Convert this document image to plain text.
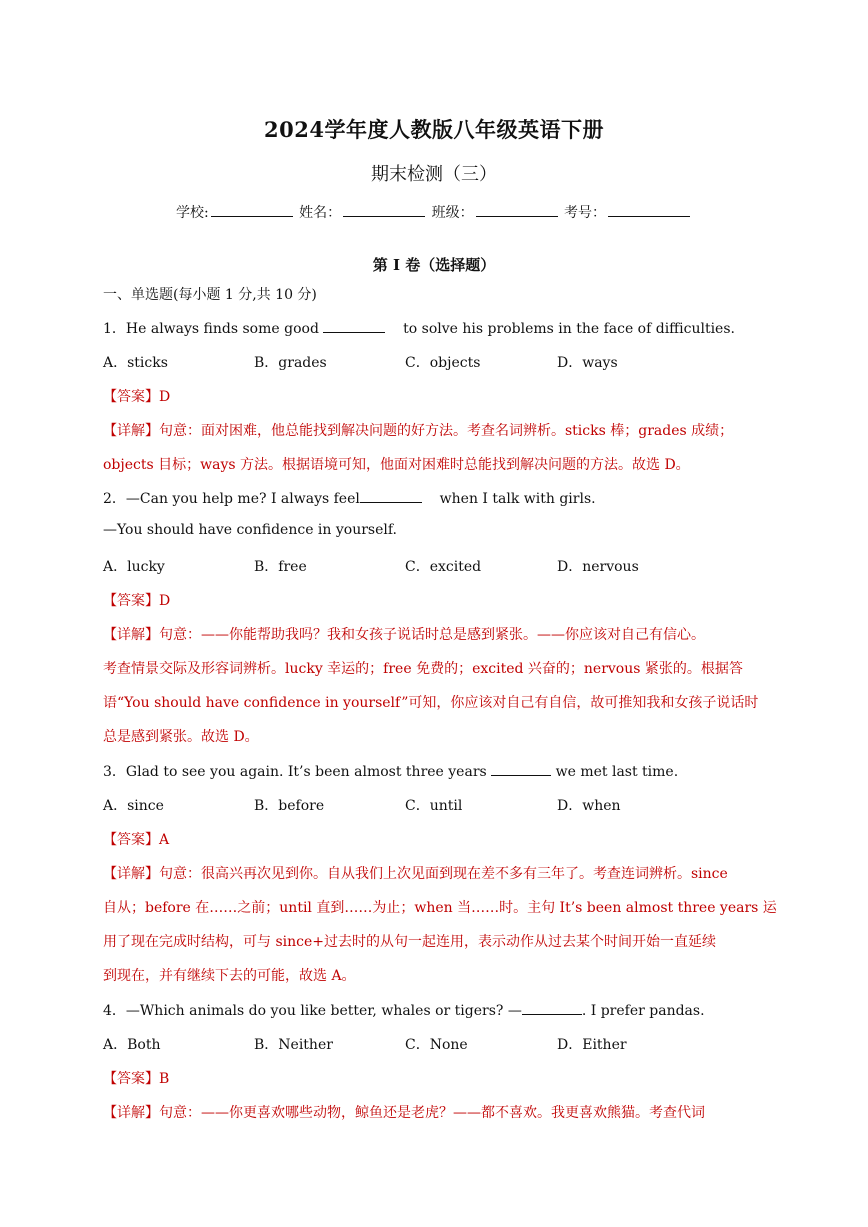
2024学年度人教版八年级英语下册
期末检测（三）
学校:	姓名：	班级：	考号：
第 I 卷（选择题）
一、单选题(每小题 1 分,共 10 分)
1．He always finds some good	to solve his problems in the face of difficulties.
A．sticks	B．grades	C．objects	D．ways
【答案】D
【详解】句意：面对困难，他总能找到解决问题的好方法。考查名词辨析。sticks 棒；grades 成绩；
objects 目标；ways 方法。根据语境可知，他面对困难时总能找到解决问题的方法。故选 D。
2．—Can you help me? I always feel	when I talk with girls.
—You should have confidence in yourself.
A．lucky	B．free	C．excited	D．nervous
【答案】D
【详解】句意：——你能帮助我吗？我和女孩子说话时总是感到紧张。——你应该对自己有信心。
考查情景交际及形容词辨析。lucky 幸运的；free 免费的；excited 兴奋的；nervous 紧张的。根据答
语“You should have confidence in yourself”可知，你应该对自己有自信，故可推知我和女孩子说话时
总是感到紧张。故选 D。
3．Glad to see you again. It’s been almost three years	we met last time.
A．since	B．before	C．until	D．when
【答案】A
【详解】句意：很高兴再次见到你。自从我们上次见面到现在差不多有三年了。考查连词辨析。since
自从；before 在……之前；until 直到……为止；when 当……时。主句 It’s been almost three years 运
用了现在完成时结构，可与 since+过去时的从句一起连用，表示动作从过去某个时间开始一直延续
到现在，并有继续下去的可能，故选 A。
4．—Which animals do you like better, whales or tigers? —	. I prefer pandas.
A．Both	B．Neither	C．None	D．Either
【答案】B
【详解】句意：——你更喜欢哪些动物，鲸鱼还是老虎？——都不喜欢。我更喜欢熊猫。考查代词
